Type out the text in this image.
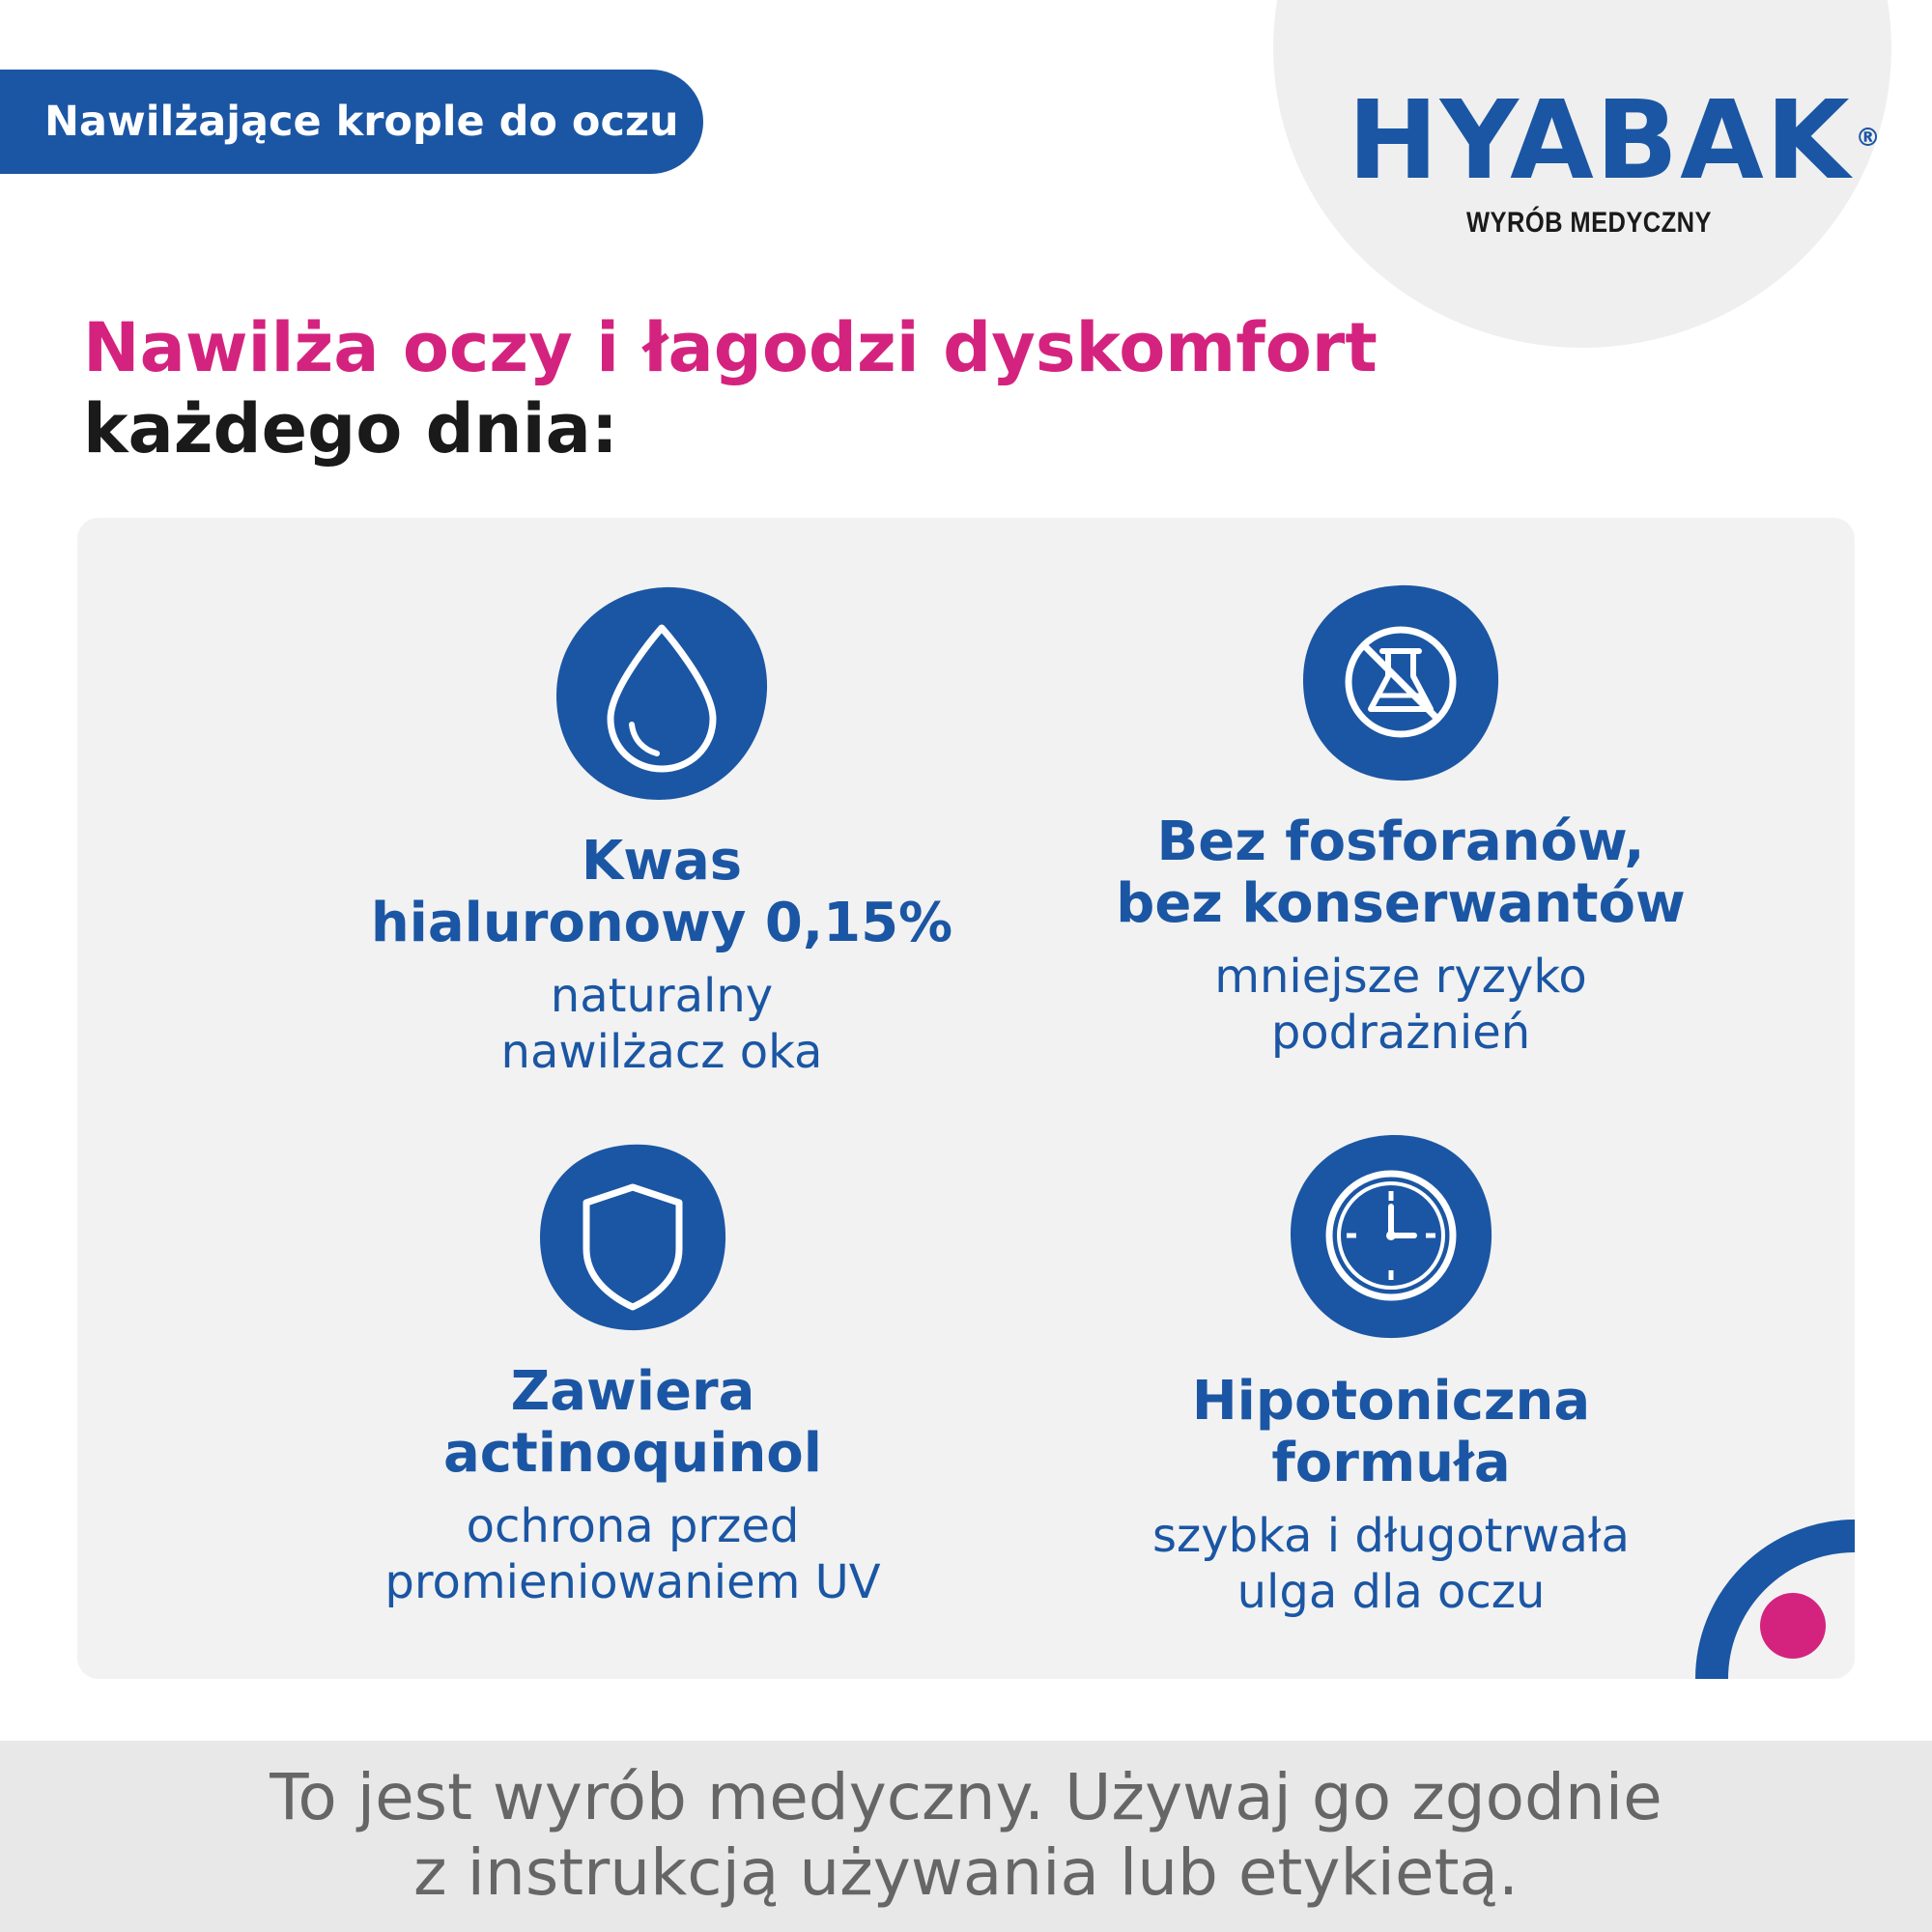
Nawilżające krople do oczu	HYABAK ®
WYRÓB MEDYCZNY
Nawilża oczy i łagodzi dyskomfort
każdego dnia:
Kwas
hialuronowy 0,15%
naturalny
nawilżacz oka
Bez fosforanów,
bez konserwantów
mniejsze ryzyko
podrażnień
Zawiera
actinoquinol
ochrona przed
promieniowaniem UV
Hipotoniczna
formuła
szybka i długotrwała
ulga dla oczu
To jest wyrób medyczny. Używaj go zgodnie
z instrukcją używania lub etykietą.
